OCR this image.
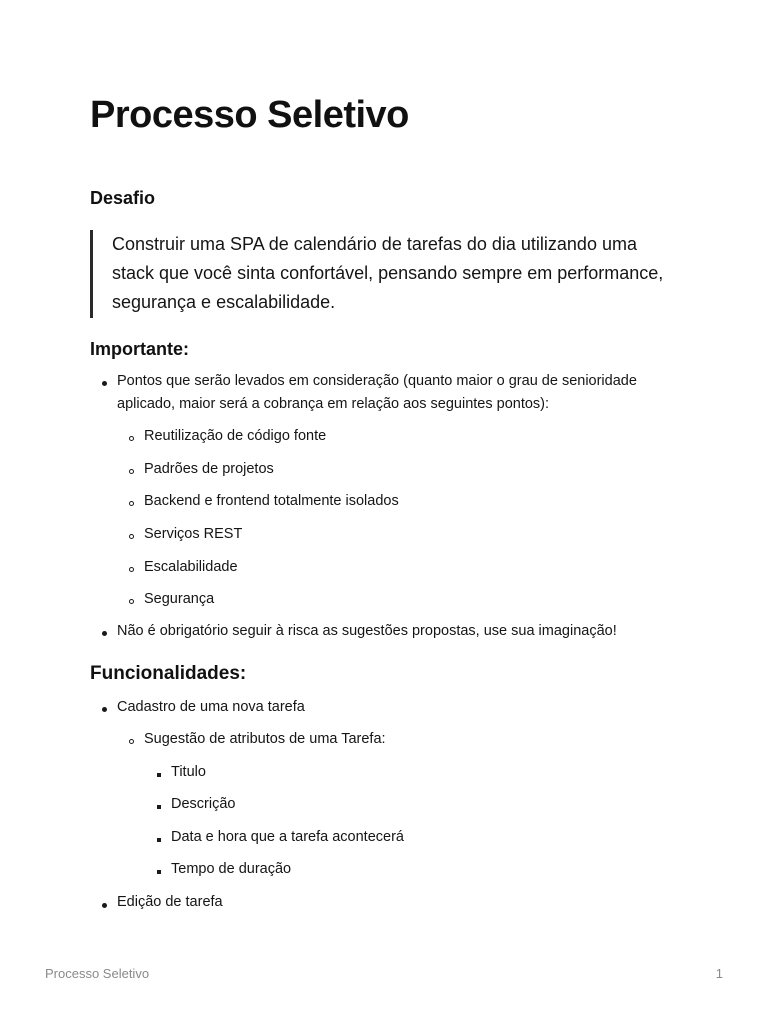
Processo Seletivo
Desafio
Construir uma SPA de calendário de tarefas do dia utilizando uma stack que você sinta confortável, pensando sempre em performance, segurança e escalabilidade.
Importante:
Pontos que serão levados em consideração (quanto maior o grau de senioridade aplicado, maior será a cobrança em relação aos seguintes pontos):
Reutilização de código fonte
Padrões de projetos
Backend e frontend totalmente isolados
Serviços REST
Escalabilidade
Segurança
Não é obrigatório seguir à risca as sugestões propostas, use sua imaginação!
Funcionalidades:
Cadastro de uma nova tarefa
Sugestão de atributos de uma Tarefa:
Titulo
Descrição
Data e hora que a tarefa acontecerá
Tempo de duração
Edição de tarefa
Processo Seletivo	1
